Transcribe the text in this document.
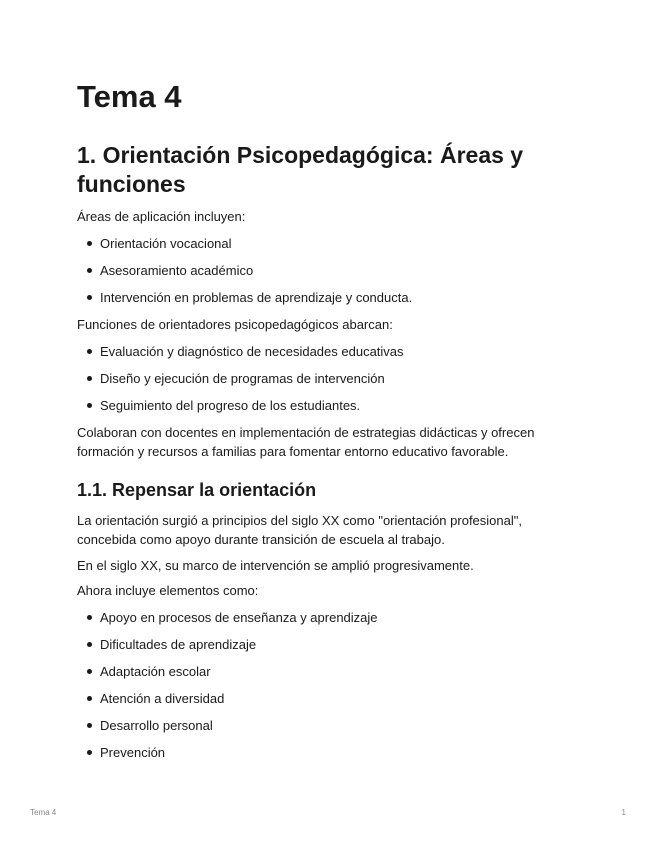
Tema 4
1. Orientación Psicopedagógica: Áreas y funciones

Áreas de aplicación incluyen:

Orientación vocacional
Asesoramiento académico
Intervención en problemas de aprendizaje y conducta.

Funciones de orientadores psicopedagógicos abarcan:

Evaluación y diagnóstico de necesidades educativas
Diseño y ejecución de programas de intervención
Seguimiento del progreso de los estudiantes.

Colaboran con docentes en implementación de estrategias didácticas y ofrecen formación y recursos a familias para fomentar entorno educativo favorable.

1.1. Repensar la orientación

La orientación surgió a principios del siglo XX como "orientación profesional", concebida como apoyo durante transición de escuela al trabajo.

En el siglo XX, su marco de intervención se amplió progresivamente.

Ahora incluye elementos como:

Apoyo en procesos de enseñanza y aprendizaje
Dificultades de aprendizaje
Adaptación escolar
Atención a diversidad
Desarrollo personal
Prevención
Tema 4	1
